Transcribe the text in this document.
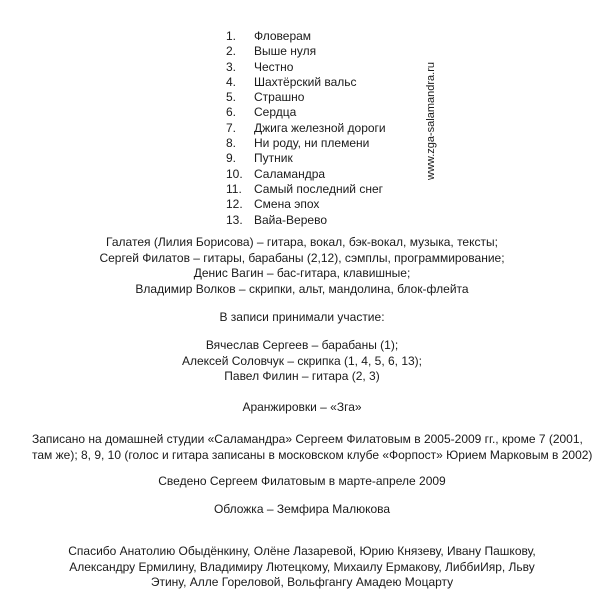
1.	Фловерам
2.	Выше нуля
3.	Честно
4.	Шахтёрский вальс
5.	Страшно
6.	Сердца
7.	Джига железной дороги
8.	Ни роду, ни племени
9.	Путник
10. Саламандра
11.	Самый последний снег
12. Смена эпох
13. Вайа-Верево
www.zga-salamandra.ru
Галатея (Лилия Борисова) – гитара, вокал, бэк-вокал, музыка, тексты;
Сергей Филатов – гитары, барабаны (2,12), сэмплы, программирование;
Денис Вагин – бас-гитара, клавишные;
Владимир Волков – скрипки, альт, мандолина, блок-флейта
В записи принимали участие:
Вячеслав Сергеев – барабаны (1);
Алексей Соловчук – скрипка (1, 4, 5, 6, 13);
Павел Филин – гитара (2, 3)
Аранжировки – «Зга»
Записано на домашней студии «Саламандра» Сергеем Филатовым в 2005-2009 гг., кроме 7 (2001,
там же); 8, 9, 10 (голос и гитара записаны в московском клубе «Форпост» Юрием Марковым в 2002)
Сведено Сергеем Филатовым в марте-апреле 2009
Обложка – Земфира Малюкова
Спасибо Анатолию Обыдёнкину, Олёне Лазаревой, Юрию Князеву, Ивану Пашкову,
Александру Ермилину, Владимиру Лютецкому, Михаилу Ермакову, ЛиббиИяр, Льву
Этину, Алле Гореловой, Вольфгангу Амадею Моцарту
